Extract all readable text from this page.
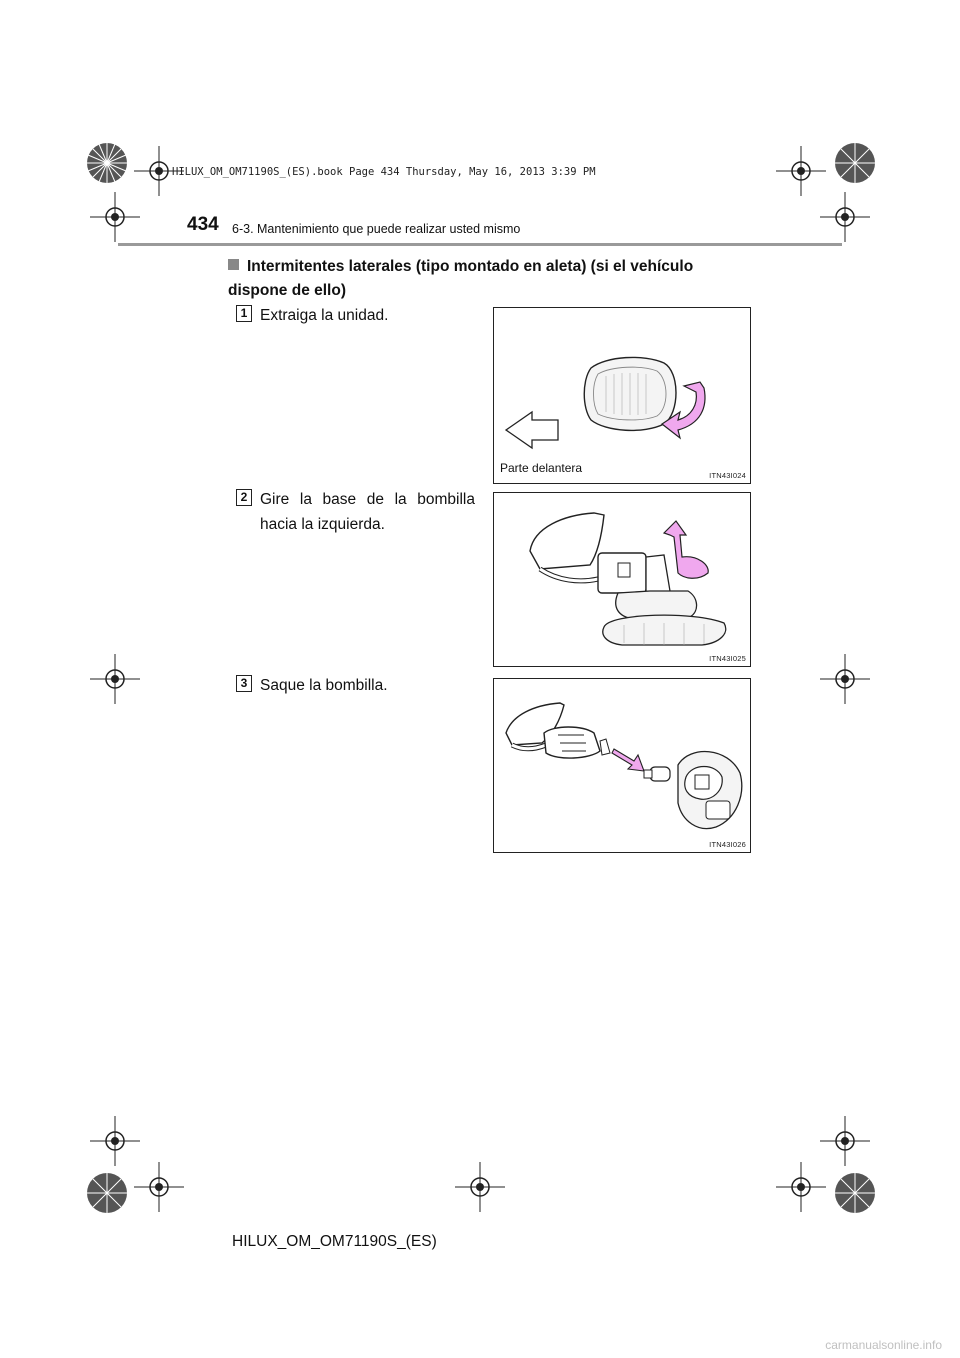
HILUX_OM_OM71190S_(ES).book Page 434 Thursday, May 16, 2013 3:39 PM
434 6-3. Mantenimiento que puede realizar usted mismo
Intermitentes laterales (tipo montado en aleta) (si el vehículo dispone de ello)
1 Extraiga la unidad.
Parte delantera
ITN43I024
2 Gire la base de la bombilla hacia la izquierda.
ITN43I025
3 Saque la bombilla.
ITN43I026
HILUX_OM_OM71190S_(ES)
carmanualsonline.info
